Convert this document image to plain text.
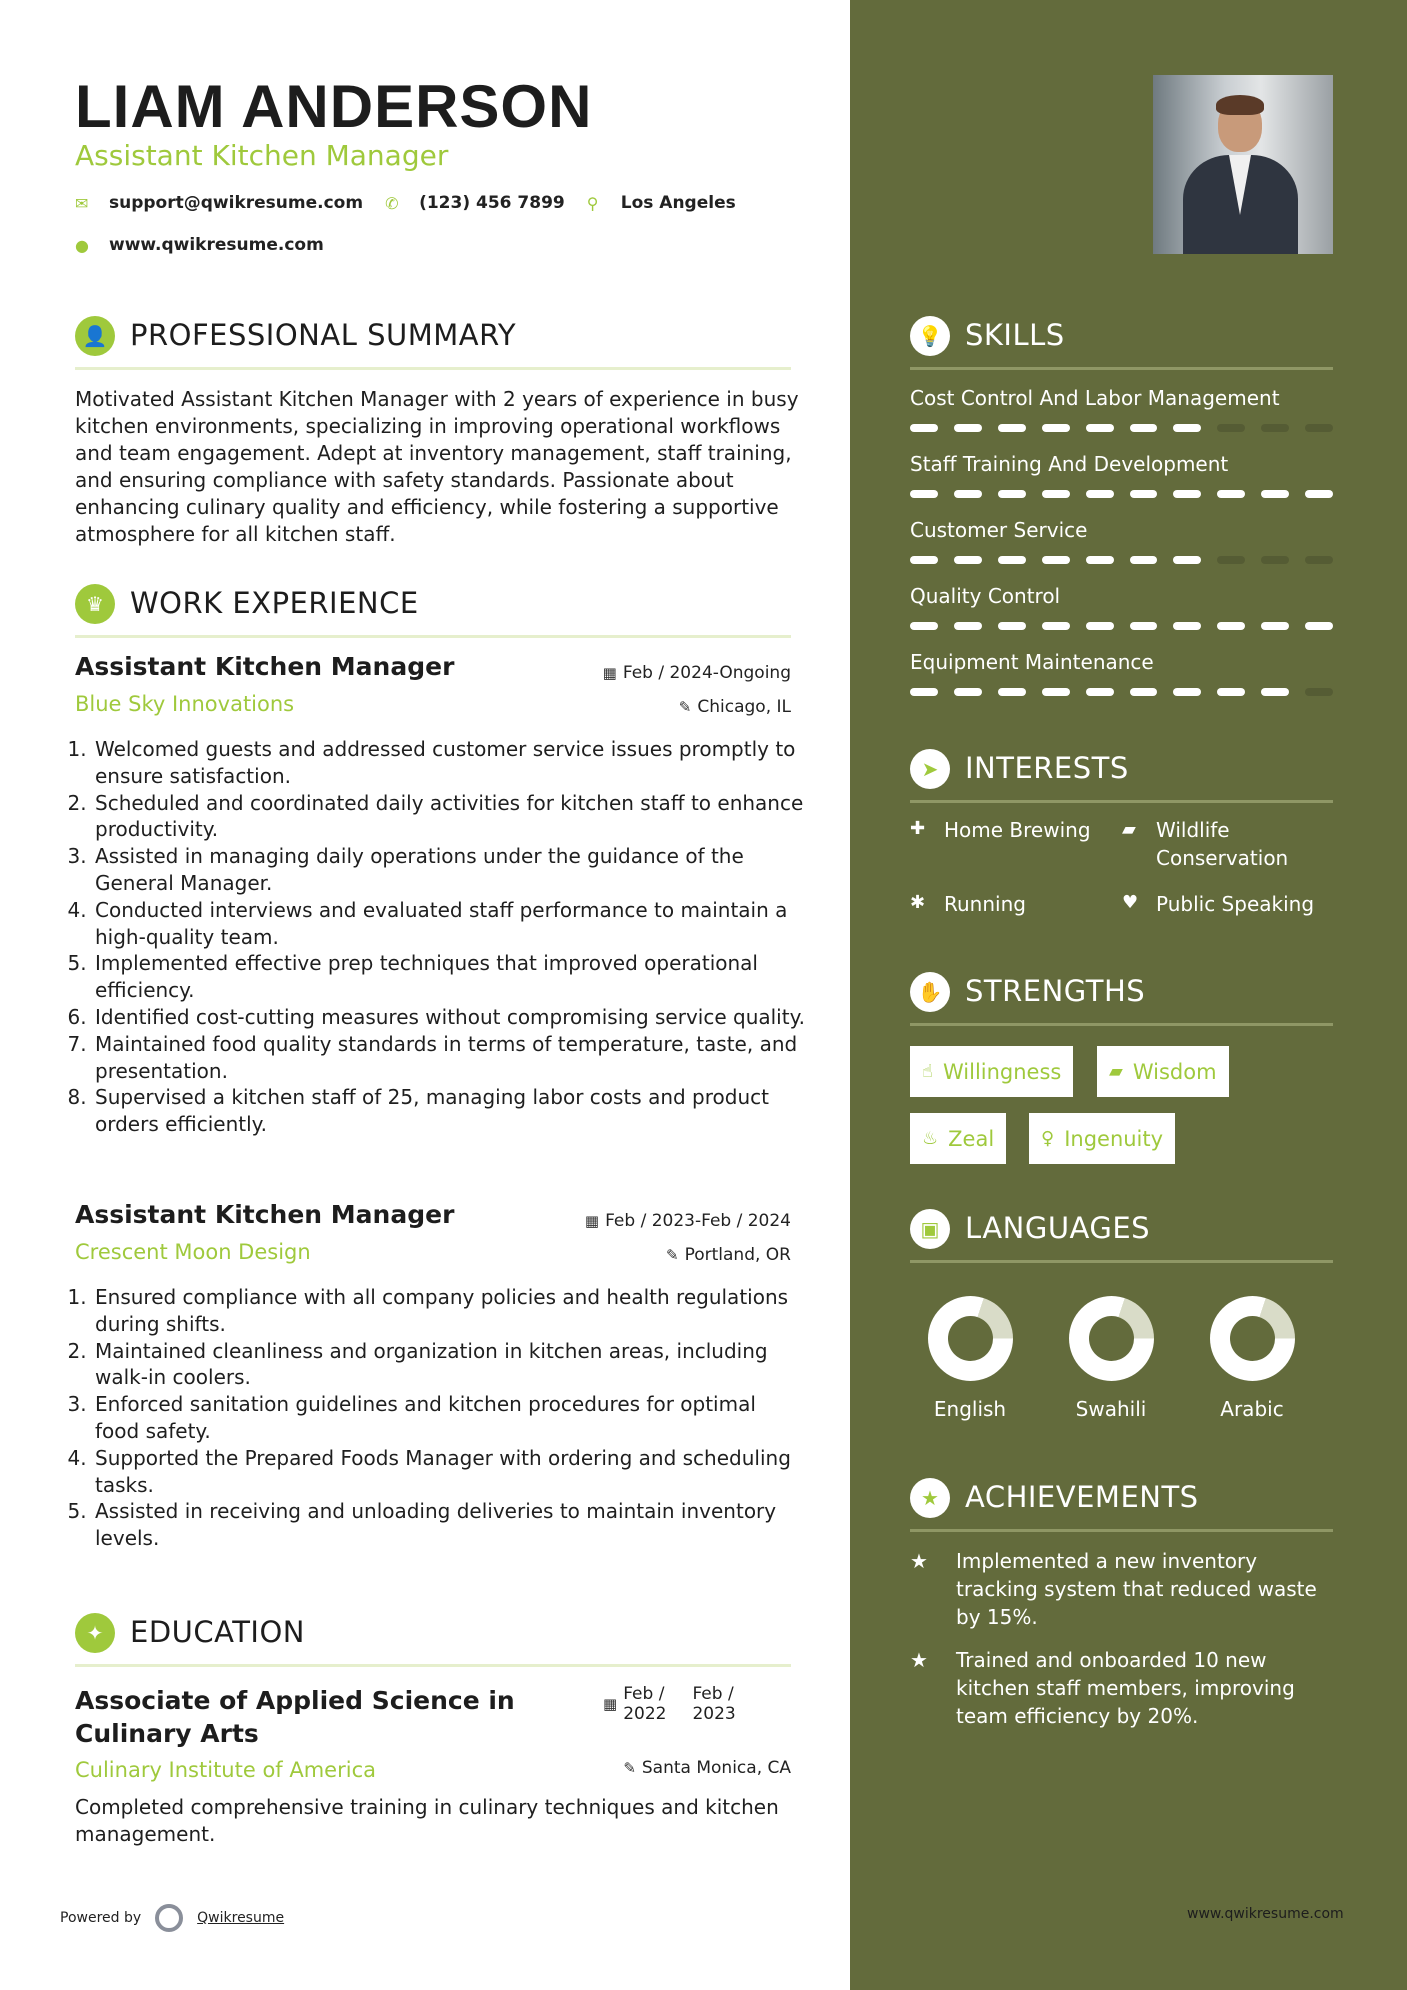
LIAM ANDERSON
Assistant Kitchen Manager
✉	support@qwikresume.com ✆	(123) 456 7899 ⚲	Los Angeles
●	www.qwikresume.com
👤 PROFESSIONAL SUMMARY
Motivated Assistant Kitchen Manager with 2 years of experience in busy kitchen environments, specializing in improving operational workflows and team engagement. Adept at inventory management, staff training, and ensuring compliance with safety standards. Passionate about enhancing culinary quality and efficiency, while fostering a supportive atmosphere for all kitchen staff.
♛ WORK EXPERIENCE
Assistant Kitchen Manager	▦ Feb / 2024-Ongoing
Blue Sky Innovations	✎ Chicago, IL
1. Welcomed guests and addressed customer service issues promptly to ensure satisfaction.
2. Scheduled and coordinated daily activities for kitchen staff to enhance productivity.
3. Assisted in managing daily operations under the guidance of the General Manager.
4. Conducted interviews and evaluated staff performance to maintain a high-quality team.
5. Implemented effective prep techniques that improved operational efficiency.
6. Identified cost-cutting measures without compromising service quality.
7. Maintained food quality standards in terms of temperature, taste, and presentation.
8. Supervised a kitchen staff of 25, managing labor costs and product orders efficiently.
Assistant Kitchen Manager	▦ Feb / 2023-Feb / 2024
Crescent Moon Design	✎ Portland, OR
1. Ensured compliance with all company policies and health regulations during shifts.
2. Maintained cleanliness and organization in kitchen areas, including walk-in coolers.
3. Enforced sanitation guidelines and kitchen procedures for optimal food safety.
4. Supported the Prepared Foods Manager with ordering and scheduling tasks.
5. Assisted in receiving and unloading deliveries to maintain inventory levels.
✦ EDUCATION
Associate of Applied Science in
Culinary Arts
▦ Feb /
2022
Feb /
2023
Culinary Institute of America	✎ Santa Monica, CA
Completed comprehensive training in culinary techniques and kitchen management.
Powered by	Qwikresume
💡 SKILLS
Cost Control And Labor Management
Staff Training And Development
Customer Service
Quality Control
Equipment Maintenance
➤ INTERESTS
✚ Home Brewing ▰	Wildlife
Conservation
✱ Running	♥ Public Speaking
✋ STRENGTHS
☝ Willingness	▰ Wisdom
♨ Zeal	♀ Ingenuity
▣ LANGUAGES
English	Swahili	Arabic
★ ACHIEVEMENTS
★	Implemented a new inventory tracking system that reduced waste by 15%.
★	Trained and onboarded 10 new kitchen staff members, improving team efficiency by 20%.
www.qwikresume.com
